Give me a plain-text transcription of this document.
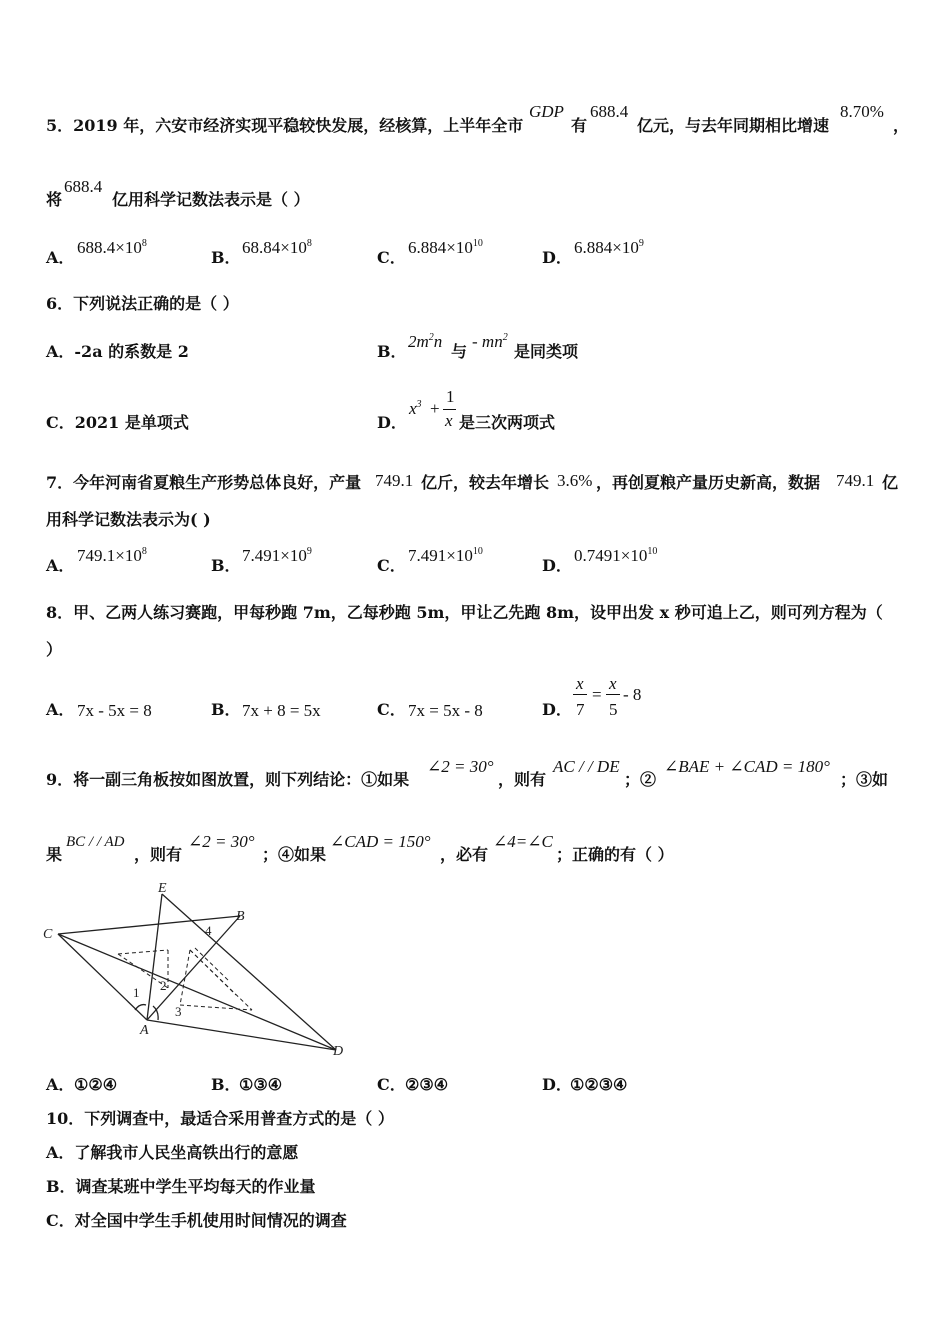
5．2019 年，六安市经济实现平稳较快发展，经核算，上半年全市
GDP
有
688.4
亿元，与去年同期相比增速
8.70%
，
将
688.4
亿用科学记数法表示是（ ）
A．
$688.4\times 10^8$
B．
$68.84\times 10^8$
C．
$6.884\times 10^{10}$
D．
$6.884\times 10^9$
6．下列说法正确的是（ ）
A．-2a 的系数是 2	B．
$2m^2n$
与
- $mn^2$
是同类项
C．2021 是单项式	D．
$x^3$ +
1
x 是三次两项式
7．今年河南省夏粮生产形势总体良好，产量 749.1 亿斤，较去年增长 3.6% ，再创夏粮产量历史新高，数据 749.1 亿
用科学记数法表示为( )
A．
$749.1\times 10^8$
B．
$7.491\times 10^9$
C．
$7.491\times 10^{10}$
D．
$0.7491\times 10^{10}$
8．甲、乙两人练习赛跑，甲每秒跑 7m，乙每秒跑 5m，甲让乙先跑 8m，设甲出发 x 秒可追上乙，则可列方程为（
）
A． 7x - 5x = 8	B． 7x + 8 = 5x	C． 7x = 5x - 8	D．
x
7
=
x
5
- 8
9．将一副三角板按如图放置，则下列结论：①如果
∠2 = 30°
，则有
AC / / DE
；②
∠BAE + ∠CAD = 180°
；③如
果
BC / / AD
，则有
∠2 = 30°
；④如果
∠CAD = 150°
，必有
∠4=∠C
；正确的有（ ）
E
B
C
A
D
1 2
3
4
A． ①②④	B．
①③④	C． ②③④	D．
①②③④
10．下列调查中，最适合采用普查方式的是（ ）
A．了解我市人民坐高铁出行的意愿
B．调查某班中学生平均每天的作业量
C．对全国中学生手机使用时间情况的调查
